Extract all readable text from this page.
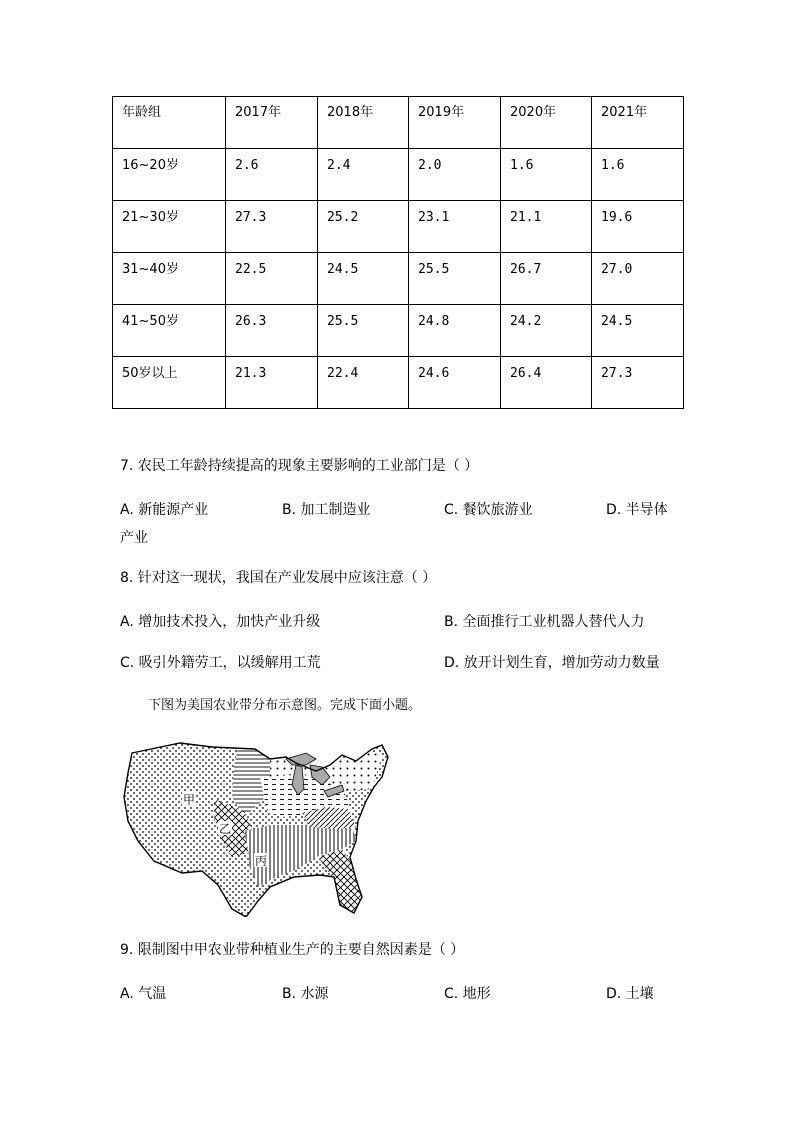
年龄组	2017年	2018年	2019年	2020年	2021年
16~20岁	2.6	2.4	2.0	1.6	1.6
21~30岁	27.3	25.2	23.1	21.1	19.6
31~40岁	22.5	24.5	25.5	26.7	27.0
41~50岁	26.3	25.5	24.8	24.2	24.5
50岁以上	21.3	22.4	24.6	26.4	27.3
7. 农民工年龄持续提高的现象主要影响的工业部门是（ ）
A. 新能源产业	B. 加工制造业	C. 餐饮旅游业	D. 半导体
产业
8. 针对这一现状，我国在产业发展中应该注意（ ）
A. 增加技术投入，加快产业升级	B. 全面推行工业机器人替代人力
C. 吸引外籍劳工，以缓解用工荒	D. 放开计划生育，增加劳动力数量
下图为美国农业带分布示意图。完成下面小题。
甲
乙
丙
9. 限制图中甲农业带种植业生产的主要自然因素是（ ）
A. 气温	B. 水源	C. 地形	D. 土壤
